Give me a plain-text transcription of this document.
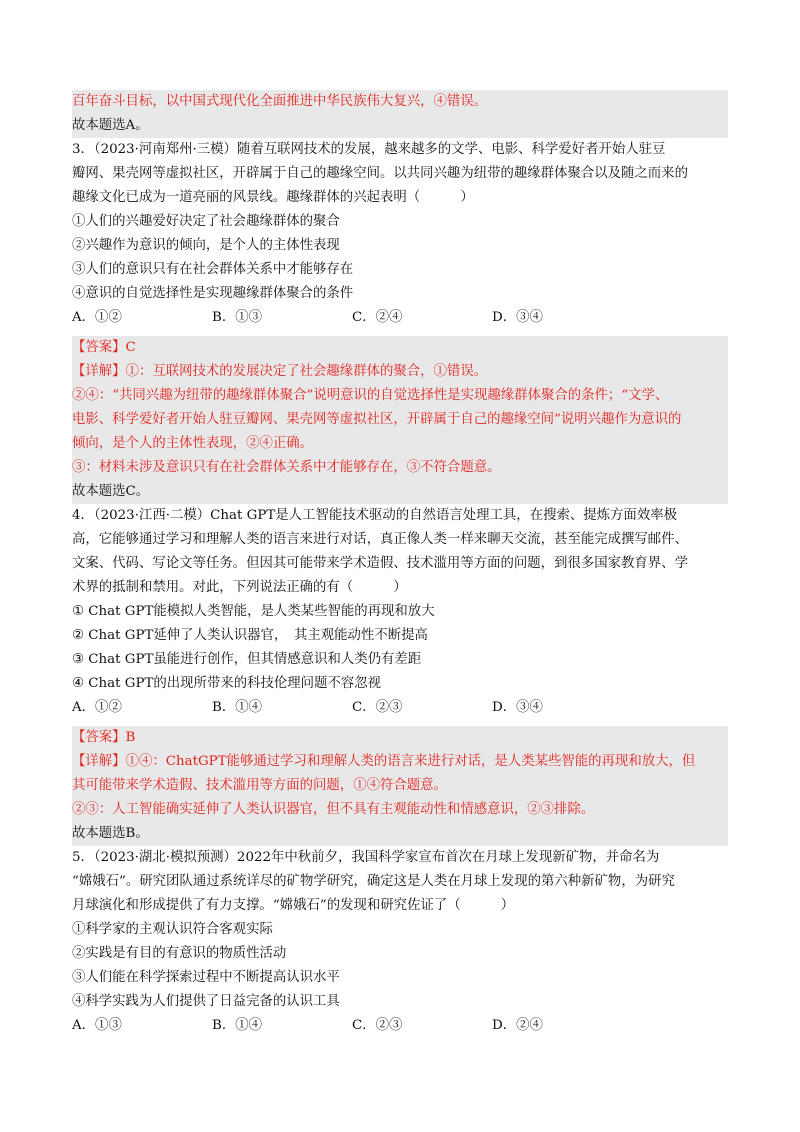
百年奋斗目标，以中国式现代化全面推进中华民族伟大复兴，④错误。
故本题选A。
3．（2023·河南郑州·三模）随着互联网技术的发展，越来越多的文学、电影、科学爱好者开始人驻豆
瓣网、果壳网等虚拟社区，开辟属于自己的趣缘空间。以共同兴趣为纽带的趣缘群体聚合以及随之而来的
趣缘文化已成为一道亮丽的风景线。趣缘群体的兴起表明（　　　）
①人们的兴趣爱好决定了社会趣缘群体的聚合
②兴趣作为意识的倾向，是个人的主体性表现
③人们的意识只有在社会群体关系中才能够存在
④意识的自觉选择性是实现趣缘群体聚合的条件
A．①②	B．①③	C．②④	D．③④
【答案】C
【详解】①：互联网技术的发展决定了社会趣缘群体的聚合，①错误。
②④：“共同兴趣为纽带的趣缘群体聚合”说明意识的自觉选择性是实现趣缘群体聚合的条件；“文学、
电影、科学爱好者开始人驻豆瓣网、果壳网等虚拟社区，开辟属于自己的趣缘空间”说明兴趣作为意识的
倾向，是个人的主体性表现，②④正确。
③：材料未涉及意识只有在社会群体关系中才能够存在，③不符合题意。
故本题选C。
4．（2023·江西·二模）Chat GPT是人工智能技术驱动的自然语言处理工具，在搜索、提炼方面效率极
高，它能够通过学习和理解人类的语言来进行对话，真正像人类一样来聊天交流，甚至能完成撰写邮件、
文案、代码、写论文等任务。但因其可能带来学术造假、技术滥用等方面的问题，到很多国家教育界、学
术界的抵制和禁用。对此，下列说法正确的有（　　　）
① Chat GPT能模拟人类智能，是人类某些智能的再现和放大
② Chat GPT延伸了人类认识器官，　其主观能动性不断提高
③ Chat GPT虽能进行创作，但其情感意识和人类仍有差距
④ Chat GPT的出现所带来的科技伦理问题不容忽视
A．①②	B．①④	C．②③	D．③④
【答案】B
【详解】①④：ChatGPT能够通过学习和理解人类的语言来进行对话，是人类某些智能的再现和放大，但
其可能带来学术造假、技术滥用等方面的问题，①④符合题意。
②③：人工智能确实延伸了人类认识器官，但不具有主观能动性和情感意识，②③排除。
故本题选B。
5．（2023·湖北·模拟预测）2022年中秋前夕，我国科学家宣布首次在月球上发现新矿物，并命名为
“嫦娥石”。研究团队通过系统详尽的矿物学研究，确定这是人类在月球上发现的第六种新矿物，为研究
月球演化和形成提供了有力支撑。“嫦娥石”的发现和研究佐证了（　　　）
①科学家的主观认识符合客观实际
②实践是有目的有意识的物质性活动
③人们能在科学探索过程中不断提高认识水平
④科学实践为人们提供了日益完备的认识工具
A．①③	B．①④	C．②③	D．②④
